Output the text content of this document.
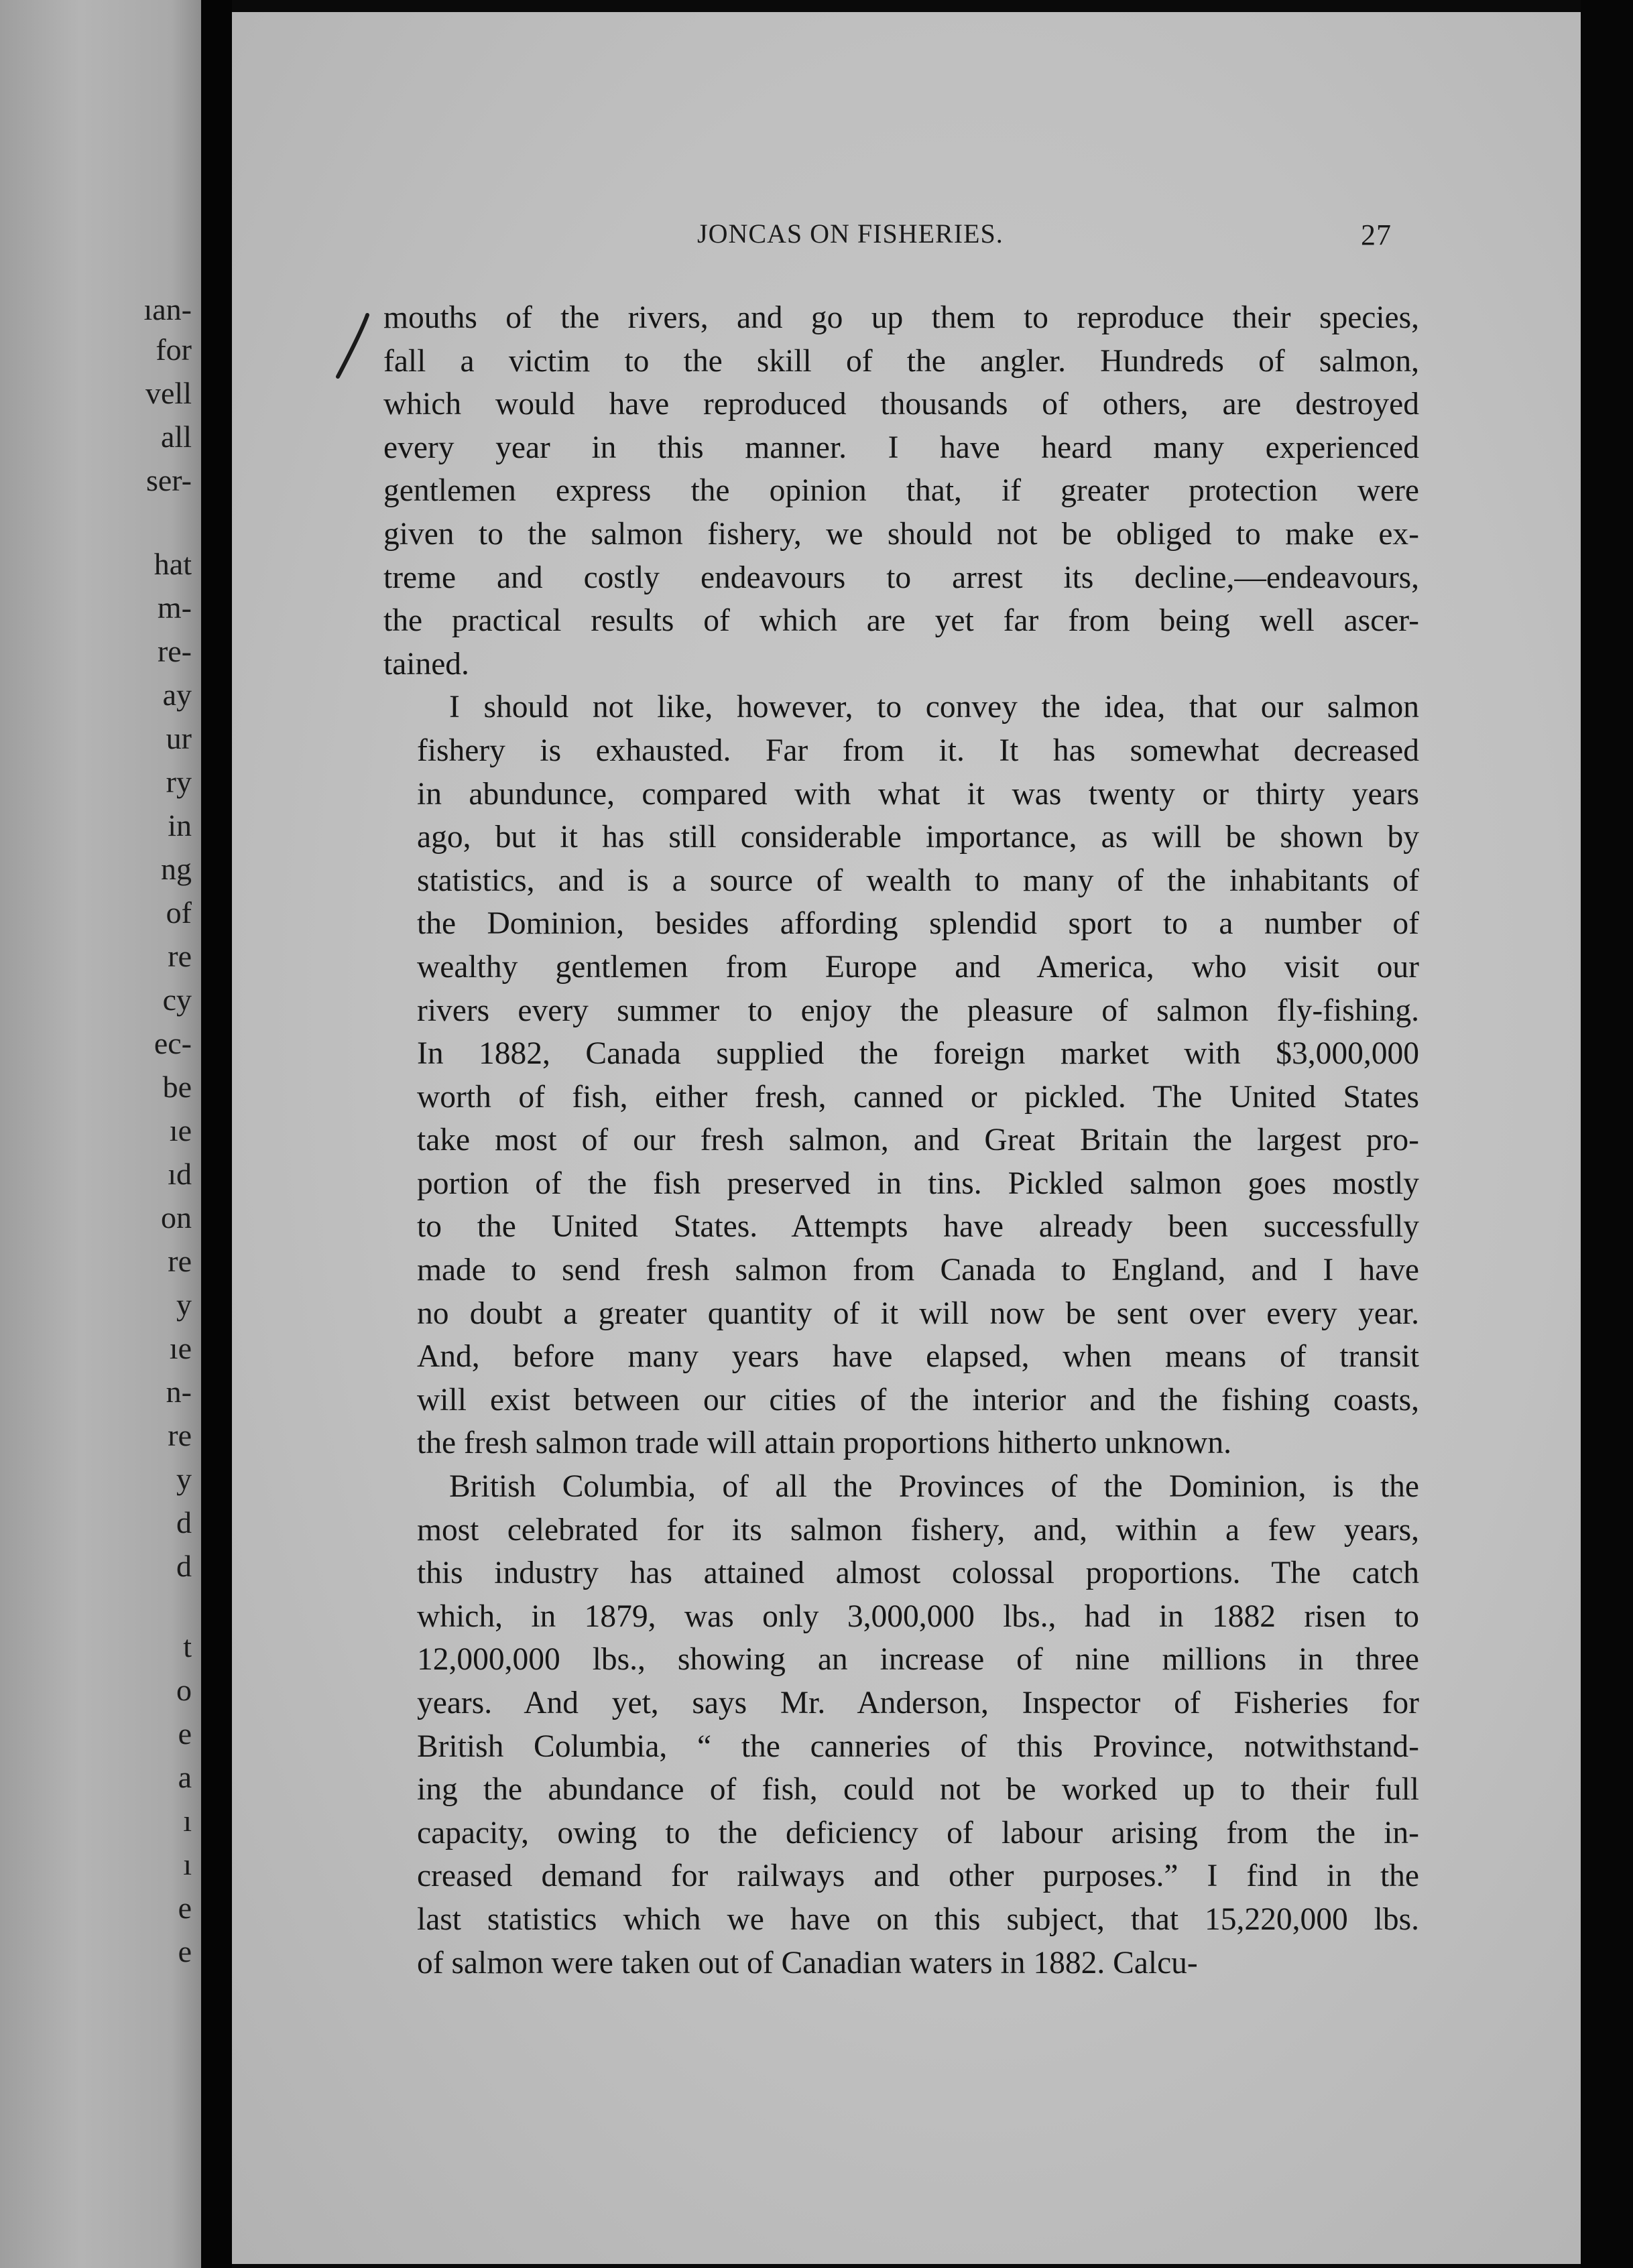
ıan-
for
vell
all
ser-
hat
m-
re-
ay
ur
ry
in
ng
of
re
cy
ec-
be
ıe
ıd
on
re
y
ıe
n-
re
y
d
d
t
o
e
a
ı
ı
e
e
JONCAS ON FISHERIES.	27
mouths of the rivers, and go up them to reproduce their species,
fall a victim to the skill of the angler. Hundreds of salmon,
which would have reproduced thousands of others, are destroyed
every year in this manner. I have heard many experienced
gentlemen express the opinion that, if greater protection were
given to the salmon fishery, we should not be obliged to make ex-
treme and costly endeavours to arrest its decline,—endeavours,
the practical results of which are yet far from being well ascer-
tained.
I should not like, however, to convey the idea, that our salmon
fishery is exhausted. Far from it. It has somewhat decreased
in abundunce, compared with what it was twenty or thirty years
ago, but it has still considerable importance, as will be shown by
statistics, and is a source of wealth to many of the inhabitants of
the Dominion, besides affording splendid sport to a number of
wealthy gentlemen from Europe and America, who visit our
rivers every summer to enjoy the pleasure of salmon fly-fishing.
In 1882, Canada supplied the foreign market with $3,000,000
worth of fish, either fresh, canned or pickled. The United States
take most of our fresh salmon, and Great Britain the largest pro-
portion of the fish preserved in tins. Pickled salmon goes mostly
to the United States. Attempts have already been successfully
made to send fresh salmon from Canada to England, and I have
no doubt a greater quantity of it will now be sent over every year.
And, before many years have elapsed, when means of transit
will exist between our cities of the interior and the fishing coasts,
the fresh salmon trade will attain proportions hitherto unknown.
British Columbia, of all the Provinces of the Dominion, is the
most celebrated for its salmon fishery, and, within a few years,
this industry has attained almost colossal proportions. The catch
which, in 1879, was only 3,000,000 lbs., had in 1882 risen to
12,000,000 lbs., showing an increase of nine millions in three
years. And yet, says Mr. Anderson, Inspector of Fisheries for
British Columbia, “ the canneries of this Province, notwithstand-
ing the abundance of fish, could not be worked up to their full
capacity, owing to the deficiency of labour arising from the in-
creased demand for railways and other purposes.” I find in the
last statistics which we have on this subject, that 15,220,000 lbs.
of salmon were taken out of Canadian waters in 1882. Calcu-
